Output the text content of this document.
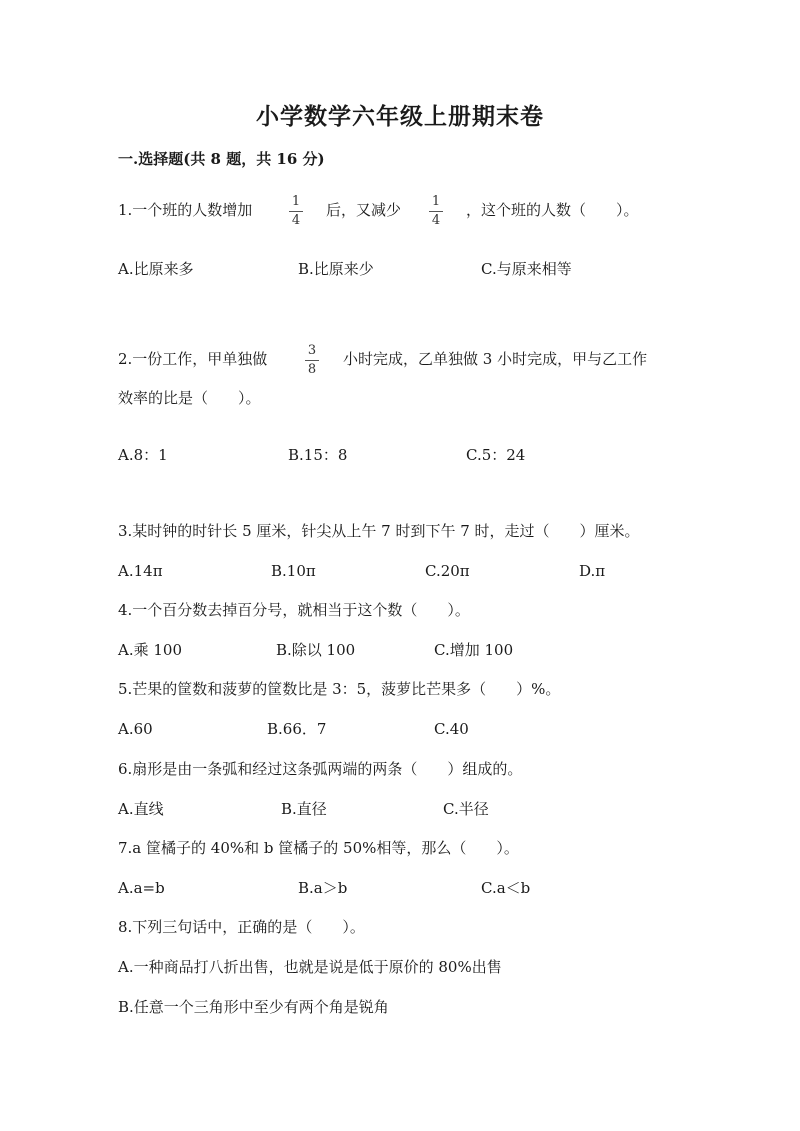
小学数学六年级上册期末卷
一.选择题(共 8 题，共 16 分)
1.一个班的人数增加	1
4
后，又减少 1
4
，这个班的人数（　　）。
A.比原来多	B.比原来少	C.与原来相等
2.一份工作，甲单独做	3
8
小时完成，乙单独做 3 小时完成，甲与乙工作
效率的比是（　　）。
A.8：1	B.15：8	C.5：24
3.某时钟的时针长 5 厘米，针尖从上午 7 时到下午 7 时，走过（　　）厘米。
A.14π	B.10π	C.20π	D.π
4.一个百分数去掉百分号，就相当于这个数（　　）。
A.乘 100	B.除以 100	C.增加 100
5.芒果的筐数和菠萝的筐数比是 3：5，菠萝比芒果多（　　）%。
A.60	B.66．7	C.40
6.扇形是由一条弧和经过这条弧两端的两条（　　）组成的。
A.直线	B.直径	C.半径
7.a 筐橘子的 40%和 b 筐橘子的 50%相等，那么（　　）。
A.a=b	B.a＞b	C.a＜b
8.下列三句话中，正确的是（　　）。
A.一种商品打八折出售，也就是说是低于原价的 80%出售
B.任意一个三角形中至少有两个角是锐角
